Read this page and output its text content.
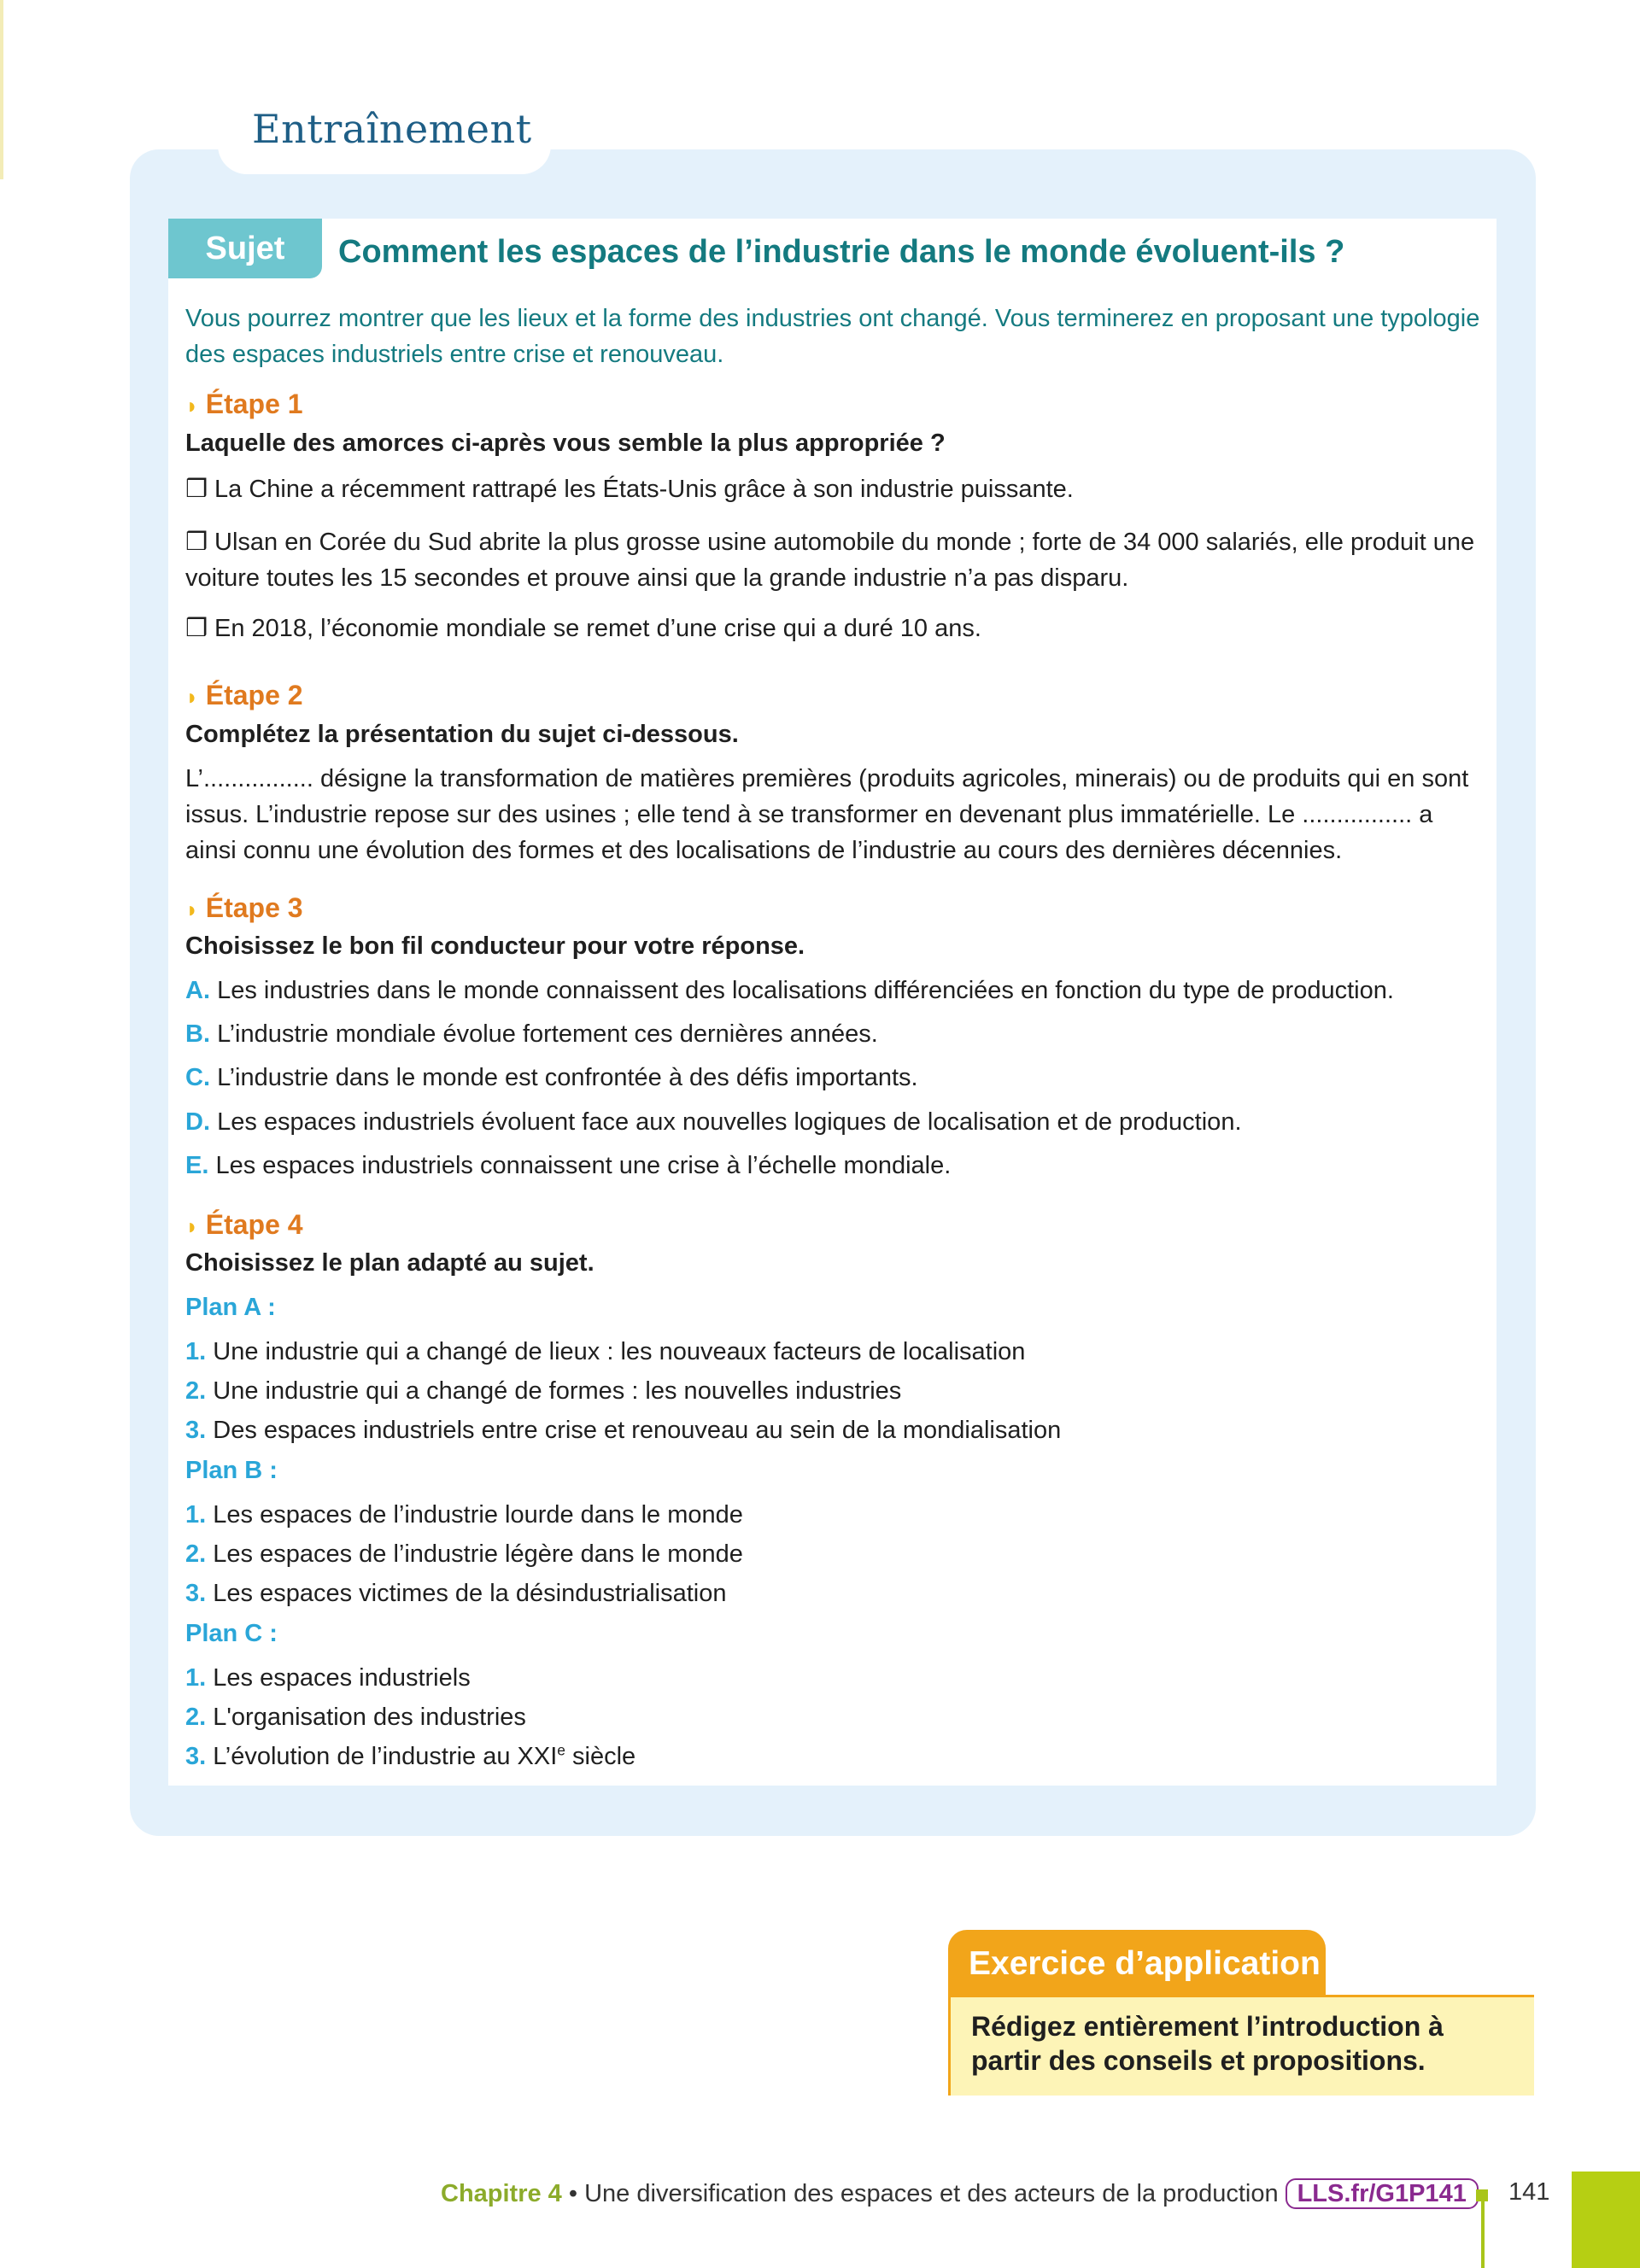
Entraînement
Sujet	Comment les espaces de l’industrie dans le monde évoluent-ils ?
Vous pourrez montrer que les lieux et la forme des industries ont changé. Vous terminerez en proposant une typologie des espaces industriels entre crise et renouveau.
◗ Étape 1
Laquelle des amorces ci-après vous semble la plus appropriée ?
❒ La Chine a récemment rattrapé les États-Unis grâce à son industrie puissante.
❒ Ulsan en Corée du Sud abrite la plus grosse usine automobile du monde ; forte de 34 000 salariés, elle produit une voiture toutes les 15 secondes et prouve ainsi que la grande industrie n’a pas disparu.
❒ En 2018, l’économie mondiale se remet d’une crise qui a duré 10 ans.
◗ Étape 2
Complétez la présentation du sujet ci-dessous.
L’................ désigne la transformation de matières premières (produits agricoles, minerais) ou de produits qui en sont issus. L’industrie repose sur des usines ; elle tend à se transformer en devenant plus immatérielle. Le ................ a ainsi connu une évolution des formes et des localisations de l’industrie au cours des dernières décennies.
◗ Étape 3
Choisissez le bon fil conducteur pour votre réponse.
A. Les industries dans le monde connaissent des localisations différenciées en fonction du type de production.
B. L’industrie mondiale évolue fortement ces dernières années.
C. L’industrie dans le monde est confrontée à des défis importants.
D. Les espaces industriels évoluent face aux nouvelles logiques de localisation et de production.
E. Les espaces industriels connaissent une crise à l’échelle mondiale.
◗ Étape 4
Choisissez le plan adapté au sujet.
Plan A :
1. Une industrie qui a changé de lieux : les nouveaux facteurs de localisation
2. Une industrie qui a changé de formes : les nouvelles industries
3. Des espaces industriels entre crise et renouveau au sein de la mondialisation
Plan B :
1. Les espaces de l’industrie lourde dans le monde
2. Les espaces de l’industrie légère dans le monde
3. Les espaces victimes de la désindustrialisation
Plan C :
1. Les espaces industriels
2. L'organisation des industries
3. L’évolution de l’industrie au XXIe siècle
Exercice d’application
Rédigez entièrement l’introduction à partir des conseils et propositions.
Chapitre 4 • Une diversification des espaces et des acteurs de la production LLS.fr/G1P141	141
